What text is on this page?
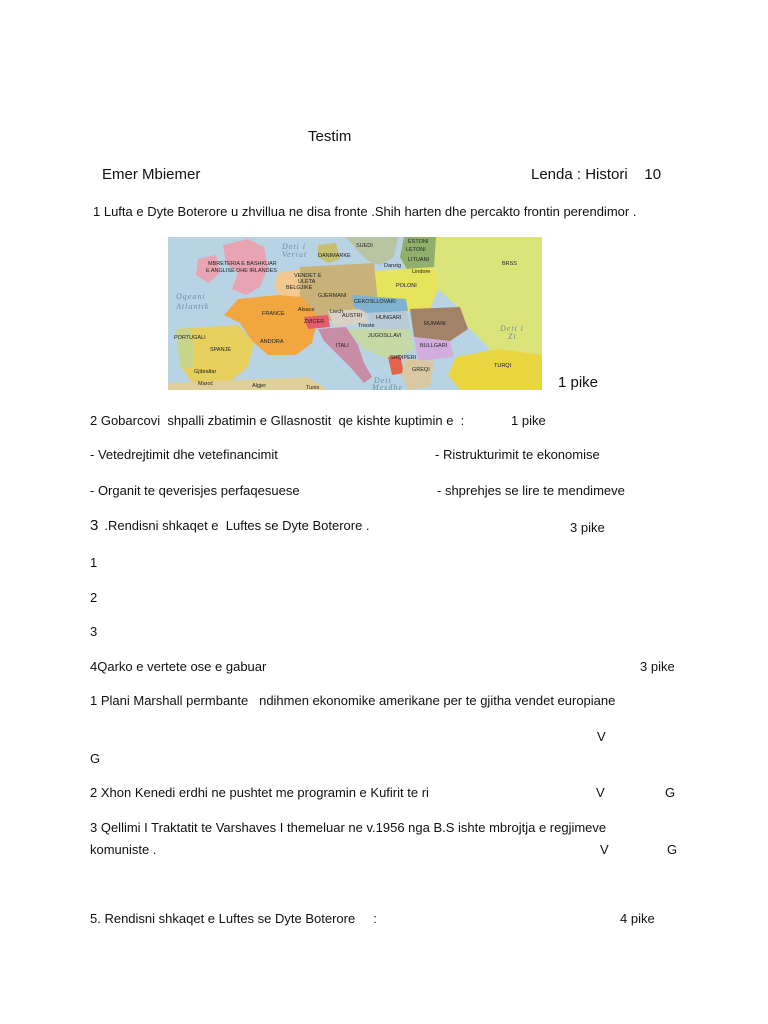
Testim
Emer Mbiemer	Lenda : Histori    10
1 Lufta e Dyte Boterore u zhvillua ne disa fronte .Shih harten dhe percakto frontin perendimor .
Oqeani
Atlantik
Deti i
Veriut
Deti i
Zi
Deti
Mesdhe
SUEDI
ESTONI
LETONI
LITUANI
DANIMARKE
MBRETERIA E BASHKUAR
E ANGLISE DHE IRLANDES
VENDET E
ULETA
BELGJIKE
GJERMANI
POLONI
BRSS
FRANCE
ZVICER
AUSTRI
CEKOSLLOVAKI
HUNGARI
RUMANI
PORTUGALI
SPANJE
ANDORA
ITALI
JUGOSLLAVI
BULLGARI
SHQIPERI
GREQI
TURQI
Gjibraltar
Maroć	Algjer	Tunis
Alsace	Liech
Trieste
Danzig
Lindore
1 pike
2 Gobarcovi  shpalli zbatimin e Gllasnostit  qe kishte kuptimin e  :	1 pike
- Vetedrejtimit dhe vetefinancimit	- Ristrukturimit te ekonomise
- Organit te qeverisjes perfaqesuese	- shprehjes se lire te mendimeve
3 .Rendisni shkaqet e  Luftes se Dyte Boterore .	3 pike
1
2
3
4Qarko e vertete ose e gabuar	3 pike
1 Plani Marshall permbante   ndihmen ekonomike amerikane per te gjitha vendet europiane
V
G
2 Xhon Kenedi erdhi ne pushtet me programin e Kufirit te ri	V	G
3 Qellimi I Traktatit te Varshaves I themeluar ne v.1956 nga B.S ishte mbrojtja e regjimeve
komuniste .	V	G
5. Rendisni shkaqet e Luftes se Dyte Boterore     :	4 pike
